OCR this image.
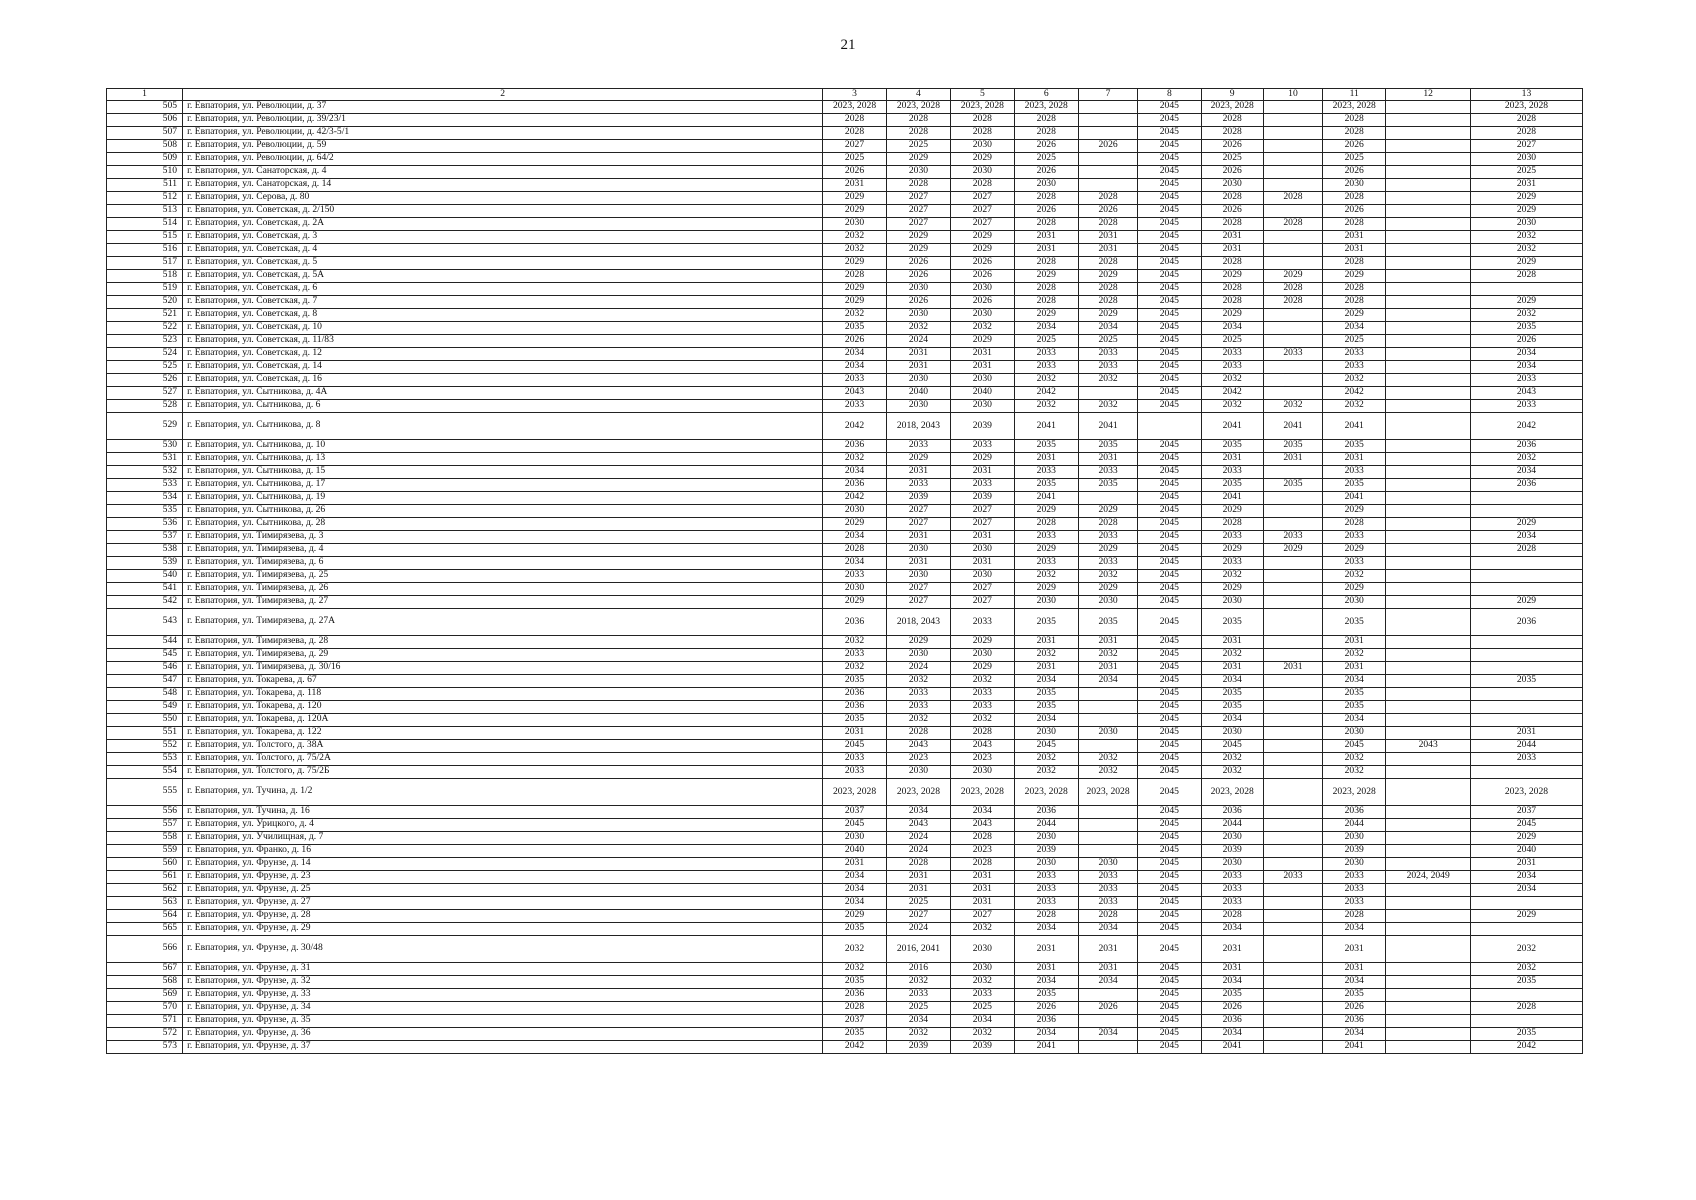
21
1	2	3	4	5	6	7	8	9	10	11	12	13
505	г. Евпатория, ул. Революции, д. 37	2023, 2028	2023, 2028	2023, 2028	2023, 2028		2045	2023, 2028		2023, 2028		2023, 2028
506	г. Евпатория, ул. Революции, д. 39/23/1	2028	2028	2028	2028		2045	2028		2028		2028
507	г. Евпатория, ул. Революции, д. 42/3-5/1	2028	2028	2028	2028		2045	2028		2028		2028
508	г. Евпатория, ул. Революции, д. 59	2027	2025	2030	2026	2026	2045	2026		2026		2027
509	г. Евпатория, ул. Революции, д. 64/2	2025	2029	2029	2025		2045	2025		2025		2030
510	г. Евпатория, ул. Санаторская, д. 4	2026	2030	2030	2026		2045	2026		2026		2025
511	г. Евпатория, ул. Санаторская, д. 14	2031	2028	2028	2030		2045	2030		2030		2031
512	г. Евпатория, ул. Серова, д. 80	2029	2027	2027	2028	2028	2045	2028	2028	2028		2029
513	г. Евпатория, ул. Советская, д. 2/150	2029	2027	2027	2026	2026	2045	2026		2026		2029
514	г. Евпатория, ул. Советская, д. 2А	2030	2027	2027	2028	2028	2045	2028	2028	2028		2030
515	г. Евпатория, ул. Советская, д. 3	2032	2029	2029	2031	2031	2045	2031		2031		2032
516	г. Евпатория, ул. Советская, д. 4	2032	2029	2029	2031	2031	2045	2031		2031		2032
517	г. Евпатория, ул. Советская, д. 5	2029	2026	2026	2028	2028	2045	2028		2028		2029
518	г. Евпатория, ул. Советская, д. 5А	2028	2026	2026	2029	2029	2045	2029	2029	2029		2028
519	г. Евпатория, ул. Советская, д. 6	2029	2030	2030	2028	2028	2045	2028	2028	2028		
520	г. Евпатория, ул. Советская, д. 7	2029	2026	2026	2028	2028	2045	2028	2028	2028		2029
521	г. Евпатория, ул. Советская, д. 8	2032	2030	2030	2029	2029	2045	2029		2029		2032
522	г. Евпатория, ул. Советская, д. 10	2035	2032	2032	2034	2034	2045	2034		2034		2035
523	г. Евпатория, ул. Советская, д. 11/83	2026	2024	2029	2025	2025	2045	2025		2025		2026
524	г. Евпатория, ул. Советская, д. 12	2034	2031	2031	2033	2033	2045	2033	2033	2033		2034
525	г. Евпатория, ул. Советская, д. 14	2034	2031	2031	2033	2033	2045	2033		2033		2034
526	г. Евпатория, ул. Советская, д. 16	2033	2030	2030	2032	2032	2045	2032		2032		2033
527	г. Евпатория, ул. Сытникова, д. 4А	2043	2040	2040	2042		2045	2042		2042		2043
528	г. Евпатория, ул. Сытникова, д. 6	2033	2030	2030	2032	2032	2045	2032	2032	2032		2033
529	г. Евпатория, ул. Сытникова, д. 8	2042	2018, 2043	2039	2041	2041		2041	2041	2041		2042
530	г. Евпатория, ул. Сытникова, д. 10	2036	2033	2033	2035	2035	2045	2035	2035	2035		2036
531	г. Евпатория, ул. Сытникова, д. 13	2032	2029	2029	2031	2031	2045	2031	2031	2031		2032
532	г. Евпатория, ул. Сытникова, д. 15	2034	2031	2031	2033	2033	2045	2033		2033		2034
533	г. Евпатория, ул. Сытникова, д. 17	2036	2033	2033	2035	2035	2045	2035	2035	2035		2036
534	г. Евпатория, ул. Сытникова, д. 19	2042	2039	2039	2041		2045	2041		2041		
535	г. Евпатория, ул. Сытникова, д. 26	2030	2027	2027	2029	2029	2045	2029		2029		
536	г. Евпатория, ул. Сытникова, д. 28	2029	2027	2027	2028	2028	2045	2028		2028		2029
537	г. Евпатория, ул. Тимирязева, д. 3	2034	2031	2031	2033	2033	2045	2033	2033	2033		2034
538	г. Евпатория, ул. Тимирязева, д. 4	2028	2030	2030	2029	2029	2045	2029	2029	2029		2028
539	г. Евпатория, ул. Тимирязева, д. 6	2034	2031	2031	2033	2033	2045	2033		2033		
540	г. Евпатория, ул. Тимирязева, д. 25	2033	2030	2030	2032	2032	2045	2032		2032		
541	г. Евпатория, ул. Тимирязева, д. 26	2030	2027	2027	2029	2029	2045	2029		2029		
542	г. Евпатория, ул. Тимирязева, д. 27	2029	2027	2027	2030	2030	2045	2030		2030		2029
543	г. Евпатория, ул. Тимирязева, д. 27А	2036	2018, 2043	2033	2035	2035	2045	2035		2035		2036
544	г. Евпатория, ул. Тимирязева, д. 28	2032	2029	2029	2031	2031	2045	2031		2031		
545	г. Евпатория, ул. Тимирязева, д. 29	2033	2030	2030	2032	2032	2045	2032		2032		
546	г. Евпатория, ул. Тимирязева, д. 30/16	2032	2024	2029	2031	2031	2045	2031	2031	2031		
547	г. Евпатория, ул. Токарева, д. 67	2035	2032	2032	2034	2034	2045	2034		2034		2035
548	г. Евпатория, ул. Токарева, д. 118	2036	2033	2033	2035		2045	2035		2035		
549	г. Евпатория, ул. Токарева, д. 120	2036	2033	2033	2035		2045	2035		2035		
550	г. Евпатория, ул. Токарева, д. 120А	2035	2032	2032	2034		2045	2034		2034		
551	г. Евпатория, ул. Токарева, д. 122	2031	2028	2028	2030	2030	2045	2030		2030		2031
552	г. Евпатория, ул. Толстого, д. 38А	2045	2043	2043	2045		2045	2045		2045	2043	2044
553	г. Евпатория, ул. Толстого, д. 75/2А	2033	2023	2023	2032	2032	2045	2032		2032		2033
554	г. Евпатория, ул. Толстого, д. 75/2Б	2033	2030	2030	2032	2032	2045	2032		2032		
555	г. Евпатория, ул. Тучина, д. 1/2	2023, 2028	2023, 2028	2023, 2028	2023, 2028	2023, 2028	2045	2023, 2028		2023, 2028		2023, 2028
556	г. Евпатория, ул. Тучина, д. 16	2037	2034	2034	2036		2045	2036		2036		2037
557	г. Евпатория, ул. Урицкого, д. 4	2045	2043	2043	2044		2045	2044		2044		2045
558	г. Евпатория, ул. Училищная, д. 7	2030	2024	2028	2030		2045	2030		2030		2029
559	г. Евпатория, ул. Франко, д. 16	2040	2024	2023	2039		2045	2039		2039		2040
560	г. Евпатория, ул. Фрунзе, д. 14	2031	2028	2028	2030	2030	2045	2030		2030		2031
561	г. Евпатория, ул. Фрунзе, д. 23	2034	2031	2031	2033	2033	2045	2033	2033	2033	2024, 2049	2034
562	г. Евпатория, ул. Фрунзе, д. 25	2034	2031	2031	2033	2033	2045	2033		2033		2034
563	г. Евпатория, ул. Фрунзе, д. 27	2034	2025	2031	2033	2033	2045	2033		2033		
564	г. Евпатория, ул. Фрунзе, д. 28	2029	2027	2027	2028	2028	2045	2028		2028		2029
565	г. Евпатория, ул. Фрунзе, д. 29	2035	2024	2032	2034	2034	2045	2034		2034		
566	г. Евпатория, ул. Фрунзе, д. 30/48	2032	2016, 2041	2030	2031	2031	2045	2031		2031		2032
567	г. Евпатория, ул. Фрунзе, д. 31	2032	2016	2030	2031	2031	2045	2031		2031		2032
568	г. Евпатория, ул. Фрунзе, д. 32	2035	2032	2032	2034	2034	2045	2034		2034		2035
569	г. Евпатория, ул. Фрунзе, д. 33	2036	2033	2033	2035		2045	2035		2035		
570	г. Евпатория, ул. Фрунзе, д. 34	2028	2025	2025	2026	2026	2045	2026		2026		2028
571	г. Евпатория, ул. Фрунзе, д. 35	2037	2034	2034	2036		2045	2036		2036		
572	г. Евпатория, ул. Фрунзе, д. 36	2035	2032	2032	2034	2034	2045	2034		2034		2035
573	г. Евпатория, ул. Фрунзе, д. 37	2042	2039	2039	2041		2045	2041		2041		2042
